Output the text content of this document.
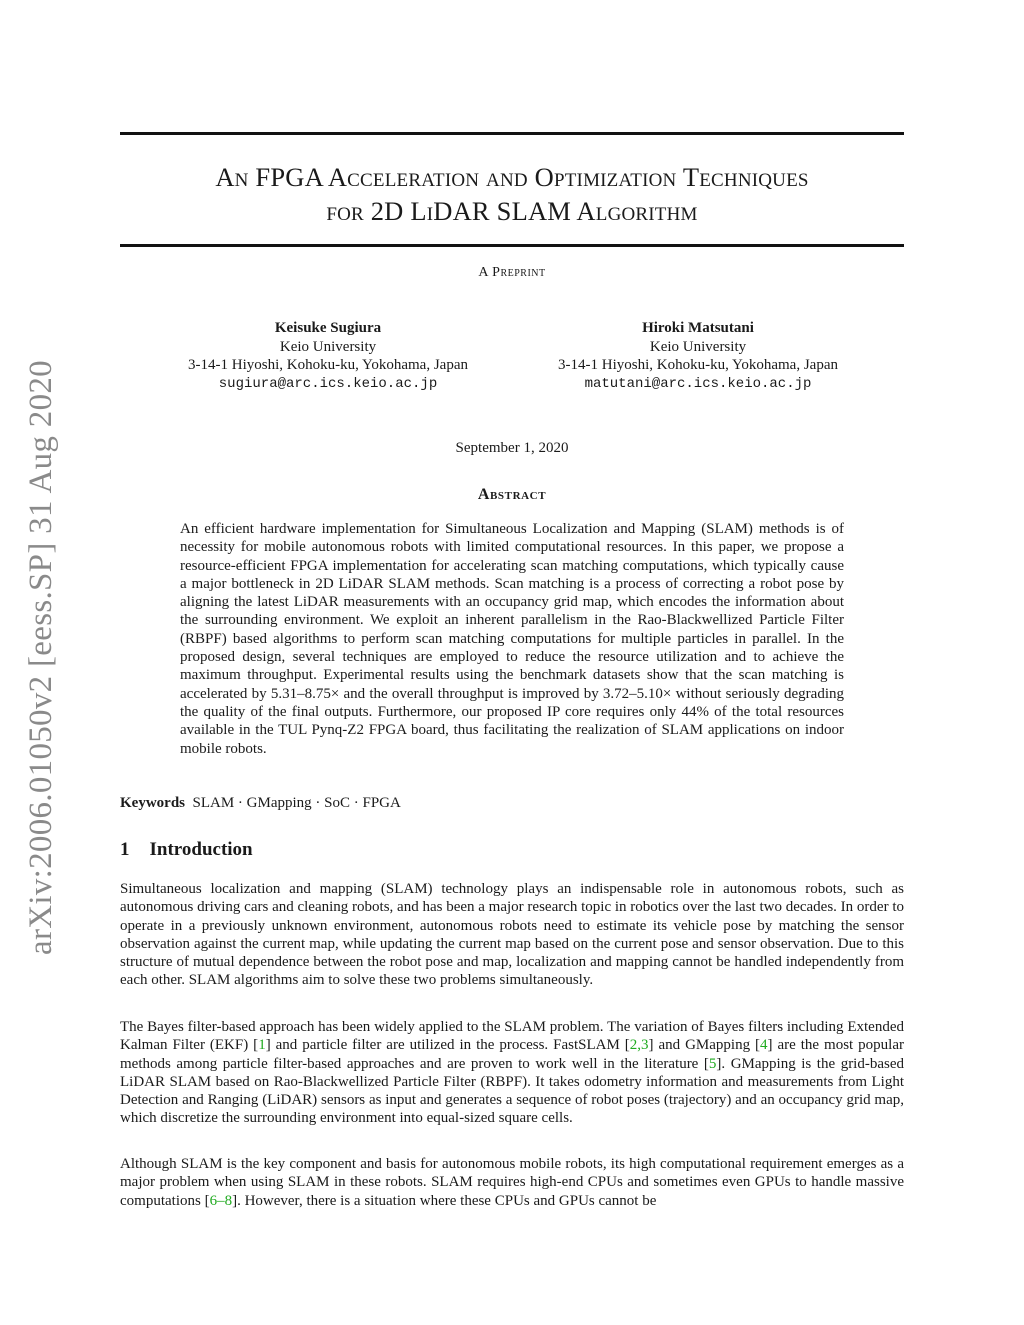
arXiv:2006.01050v2 [eess.SP] 31 Aug 2020
An FPGA Acceleration and Optimization Techniques
for 2D LiDAR SLAM Algorithm
A Preprint
Keisuke Sugiura
Keio University
3-14-1 Hiyoshi, Kohoku-ku, Yokohama, Japan
sugiura@arc.ics.keio.ac.jp
Hiroki Matsutani
Keio University
3-14-1 Hiyoshi, Kohoku-ku, Yokohama, Japan
matutani@arc.ics.keio.ac.jp
September 1, 2020
Abstract
An efficient hardware implementation for Simultaneous Localization and Mapping (SLAM) methods is of necessity for mobile autonomous robots with limited computational resources. In this paper, we propose a resource-efficient FPGA implementation for accelerating scan matching computations, which typically cause a major bottleneck in 2D LiDAR SLAM methods. Scan matching is a process of correcting a robot pose by aligning the latest LiDAR measurements with an occupancy grid map, which encodes the information about the surrounding environment. We exploit an inherent parallelism in the Rao-Blackwellized Particle Filter (RBPF) based algorithms to perform scan matching computations for multiple particles in parallel. In the proposed design, several techniques are employed to reduce the resource utilization and to achieve the maximum throughput. Experimental results using the benchmark datasets show that the scan matching is accelerated by 5.31–8.75× and the overall throughput is improved by 3.72–5.10× without seriously degrading the quality of the final outputs. Furthermore, our proposed IP core requires only 44% of the total resources available in the TUL Pynq-Z2 FPGA board, thus facilitating the realization of SLAM applications on indoor mobile robots.
Keywords SLAM · GMapping · SoC · FPGA
1 Introduction
Simultaneous localization and mapping (SLAM) technology plays an indispensable role in autonomous robots, such as autonomous driving cars and cleaning robots, and has been a major research topic in robotics over the last two decades. In order to operate in a previously unknown environment, autonomous robots need to estimate its vehicle pose by matching the sensor observation against the current map, while updating the current map based on the current pose and sensor observation. Due to this structure of mutual dependence between the robot pose and map, localization and mapping cannot be handled independently from each other. SLAM algorithms aim to solve these two problems simultaneously.
The Bayes filter-based approach has been widely applied to the SLAM problem. The variation of Bayes filters including Extended Kalman Filter (EKF) [1] and particle filter are utilized in the process. FastSLAM [2,3] and GMapping [4] are the most popular methods among particle filter-based approaches and are proven to work well in the literature [5]. GMapping is the grid-based LiDAR SLAM based on Rao-Blackwellized Particle Filter (RBPF). It takes odometry information and measurements from Light Detection and Ranging (LiDAR) sensors as input and generates a sequence of robot poses (trajectory) and an occupancy grid map, which discretize the surrounding environment into equal-sized square cells.
Although SLAM is the key component and basis for autonomous mobile robots, its high computational requirement emerges as a major problem when using SLAM in these robots. SLAM requires high-end CPUs and sometimes even GPUs to handle massive computations [6–8]. However, there is a situation where these CPUs and GPUs cannot be
